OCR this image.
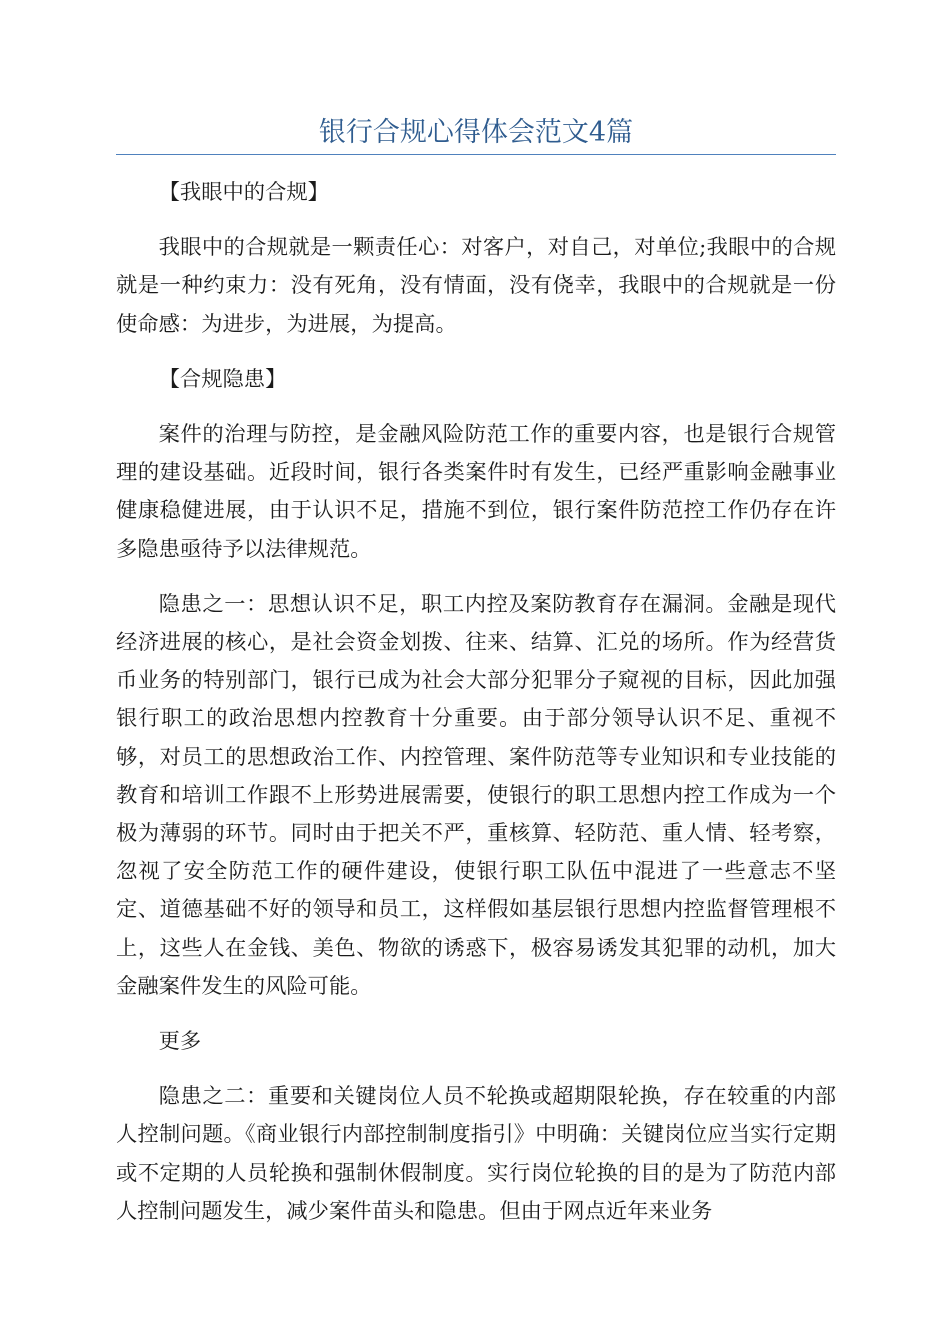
银行合规心得体会范文4篇

【我眼中的合规】

我眼中的合规就是一颗责任心：对客户，对自己，对单位;我眼中的合规就是一种约束力：没有死角，没有情面，没有侥幸，我眼中的合规就是一份使命感：为进步，为进展，为提高。

【合规隐患】

案件的治理与防控，是金融风险防范工作的重要内容，也是银行合规管理的建设基础。近段时间，银行各类案件时有发生，已经严重影响金融事业健康稳健进展，由于认识不足，措施不到位，银行案件防范控工作仍存在许多隐患亟待予以法律规范。

隐患之一：思想认识不足，职工内控及案防教育存在漏洞。金融是现代经济进展的核心，是社会资金划拨、往来、结算、汇兑的场所。作为经营货币业务的特别部门，银行已成为社会大部分犯罪分子窥视的目标，因此加强银行职工的政治思想内控教育十分重要。由于部分领导认识不足、重视不够，对员工的思想政治工作、内控管理、案件防范等专业知识和专业技能的教育和培训工作跟不上形势进展需要，使银行的职工思想内控工作成为一个极为薄弱的环节。同时由于把关不严，重核算、轻防范、重人情、轻考察，忽视了安全防范工作的硬件建设，使银行职工队伍中混进了一些意志不坚定、道德基础不好的领导和员工，这样假如基层银行思想内控监督管理根不上，这些人在金钱、美色、物欲的诱惑下，极容易诱发其犯罪的动机，加大金融案件发生的风险可能。

更多

隐患之二：重要和关键岗位人员不轮换或超期限轮换，存在较重的内部人控制问题。《商业银行内部控制制度指引》中明确：关键岗位应当实行定期或不定期的人员轮换和强制休假制度。实行岗位轮换的目的是为了防范内部人控制问题发生，减少案件苗头和隐患。但由于网点近年来业务
